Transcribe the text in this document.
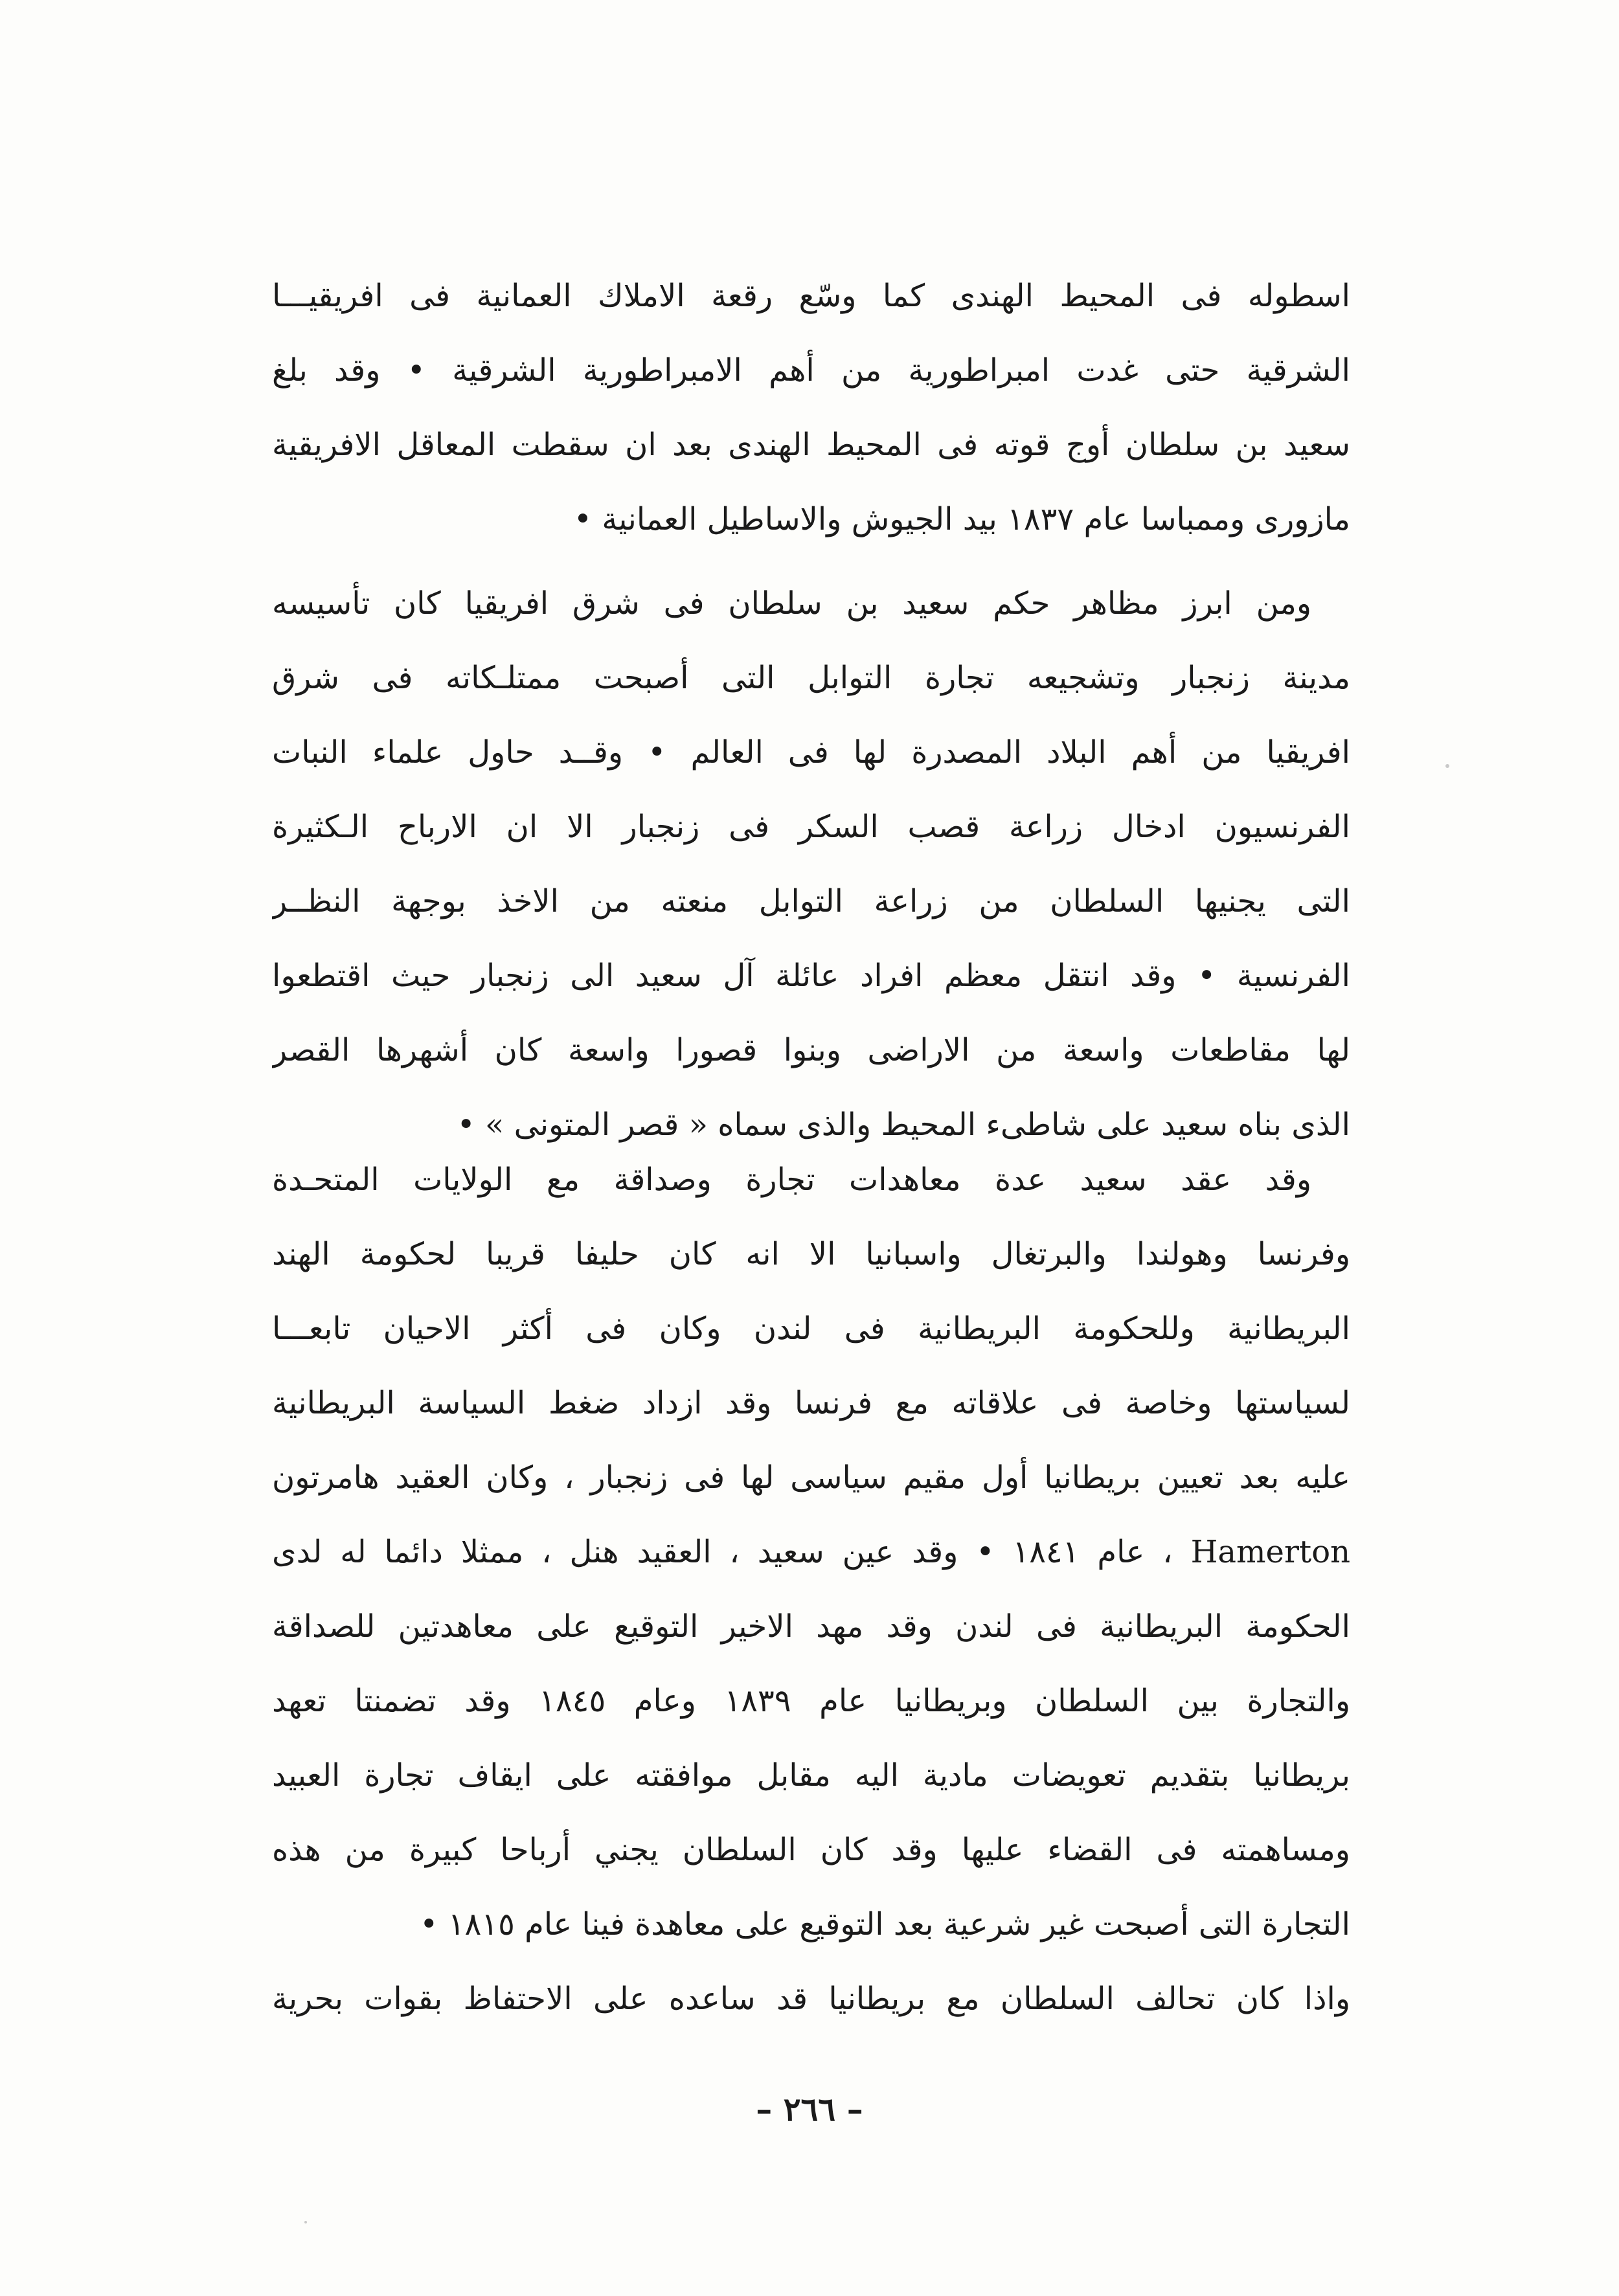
اسطوله فى المحيط الهندى كما وسّع رقعة الاملاك العمانية فى افريقيـــا
الشرقية حتى غدت امبراطورية من أهم الامبراطورية الشرقية • وقد بلغ
سعيد بن سلطان أوج قوته فى المحيط الهندى بعد ان سقطت المعاقل الافريقية
مازورى وممباسا عام ١٨٣٧ بيد الجيوش والاساطيل العمانية •
ومن ابرز مظاهر حكم سعيد بن سلطان فى شرق افريقيا كان تأسيسه
مدينة زنجبار وتشجيعه تجارة التوابل التى أصبحت ممتلـكاته فى شرق
افريقيا من أهم البلاد المصدرة لها فى العالم • وقــد حاول علماء النبات
الفرنسيون ادخال زراعة قصب السكر فى زنجبار الا ان الارباح الـكثيرة
التى يجنيها السلطان من زراعة التوابل منعته من الاخذ بوجهة النظــر
الفرنسية • وقد انتقل معظم افراد عائلة آل سعيد الى زنجبار حيث اقتطعوا
لها مقاطعات واسعة من الاراضى وبنوا قصورا واسعة كان أشهرها القصر
الذى بناه سعيد على شاطىء المحيط والذى سماه « قصر المتونى » •
وقد عقد سعيد عدة معاهدات تجارة وصداقة مع الولايات المتحـدة
وفرنسا وهولندا والبرتغال واسبانيا الا انه كان حليفا قريبا لحكومة الهند
البريطانية وللحكومة البريطانية فى لندن وكان فى أكثر الاحيان تابعـــا
لسياستها وخاصة فى علاقاته مع فرنسا وقد ازداد ضغط السياسة البريطانية
عليه بعد تعيين بريطانيا أول مقيم سياسى لها فى زنجبار ، وكان العقيد هامرتون
Hamerton ، عام ١٨٤١ • وقد عين سعيد ، العقيد هنل ، ممثلا دائما له لدى
الحكومة البريطانية فى لندن وقد مهد الاخير التوقيع على معاهدتين للصداقة
والتجارة بين السلطان وبريطانيا عام ١٨٣٩ وعام ١٨٤٥ وقد تضمنتا تعهد
بريطانيا بتقديم تعويضات مادية اليه مقابل موافقته على ايقاف تجارة العبيد
ومساهمته فى القضاء عليها وقد كان السلطان يجني أرباحا كبيرة من هذه
التجارة التى أصبحت غير شرعية بعد التوقيع على معاهدة فينا عام ١٨١٥ •
واذا كان تحالف السلطان مع بريطانيا قد ساعده على الاحتفاظ بقوات بحرية
– ٢٦٦ –
